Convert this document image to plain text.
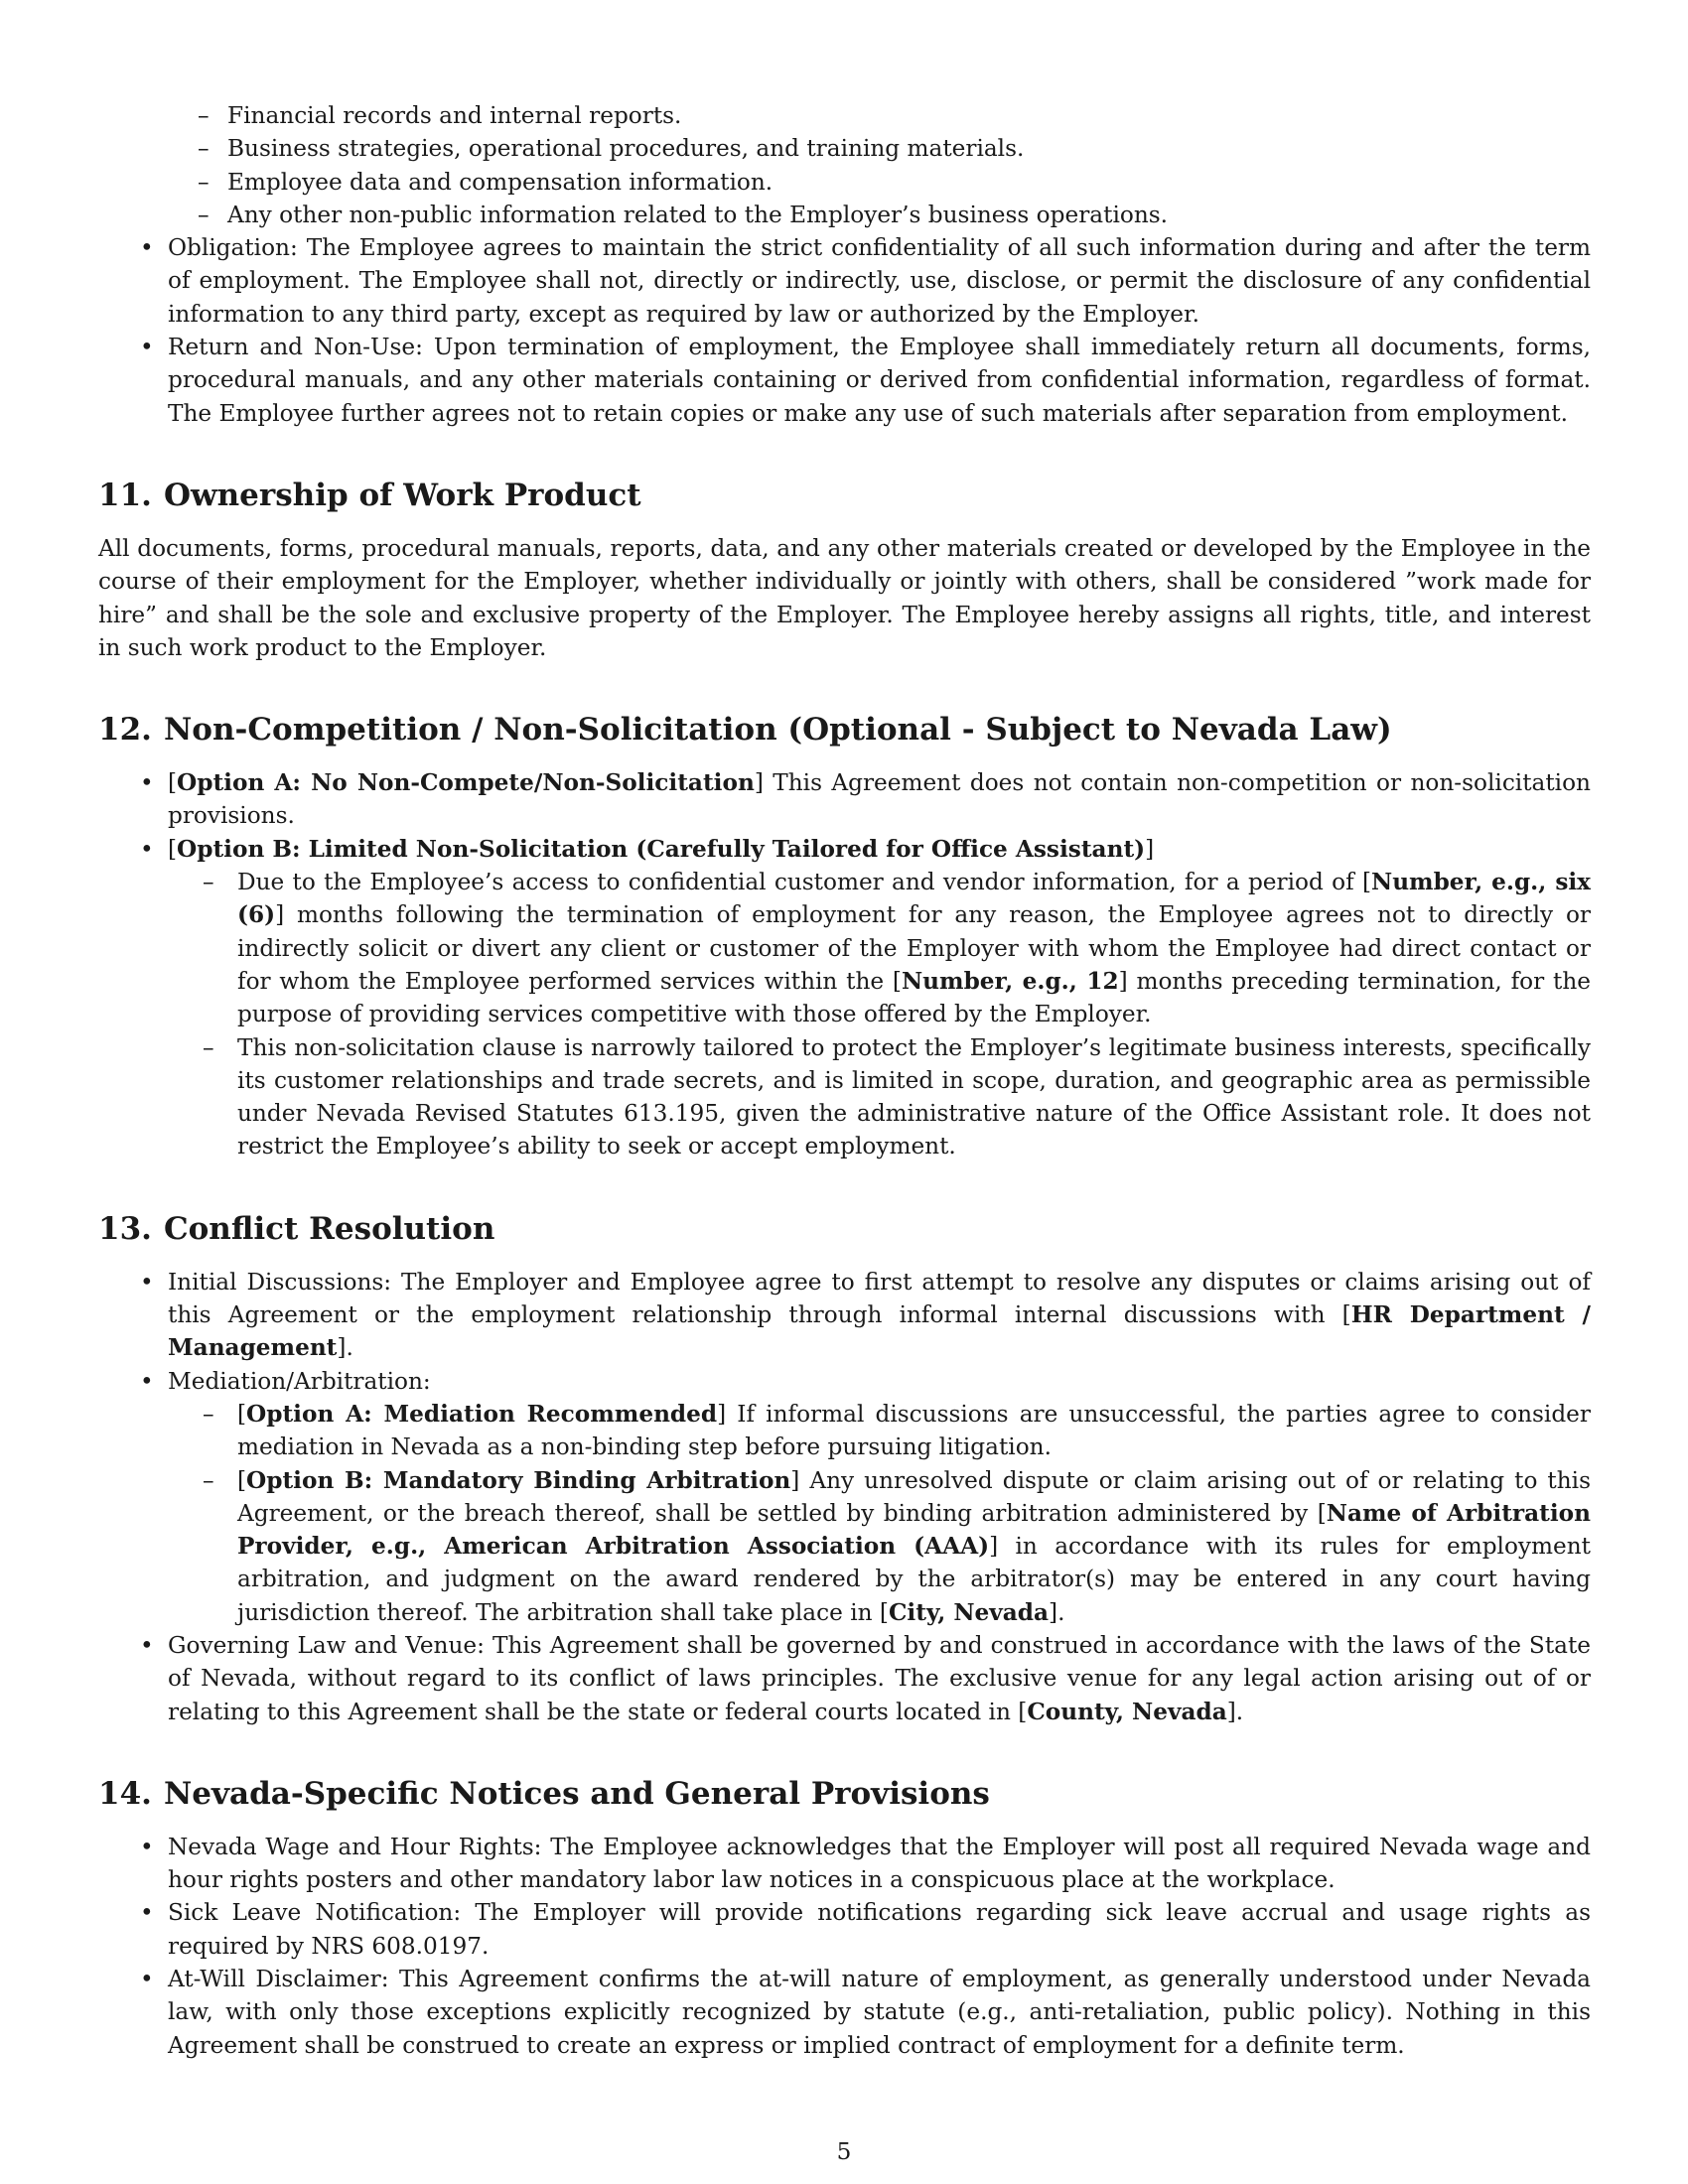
– Financial records and internal reports.
– Business strategies, operational procedures, and training materials.
– Employee data and compensation information.
– Any other non-public information related to the Employer’s business operations.
• Obligation: The Employee agrees to maintain the strict confidentiality of all such information during and after the term of employment. The Employee shall not, directly or indirectly, use, disclose, or permit the disclosure of any confidential information to any third party, except as required by law or authorized by the Employer.
• Return and Non-Use: Upon termination of employment, the Employee shall immediately return all documents, forms, procedural manuals, and any other materials containing or derived from confidential information, regardless of format. The Employee further agrees not to retain copies or make any use of such materials after separation from employment.
11. Ownership of Work Product

All documents, forms, procedural manuals, reports, data, and any other materials created or developed by the Employee in the course of their employment for the Employer, whether individually or jointly with others, shall be considered ”work made for hire” and shall be the sole and exclusive property of the Employer. The Employee hereby assigns all rights, title, and interest in such work product to the Employer.

12. Non-Competition / Non-Solicitation (Optional - Subject to Nevada Law)
• [Option A: No Non-Compete/Non-Solicitation] This Agreement does not contain non-competition or non-solicitation provisions.
• [Option B: Limited Non-Solicitation (Carefully Tailored for Office Assistant)]
– Due to the Employee’s access to confidential customer and vendor information, for a period of [Number, e.g., six (6)] months following the termination of employment for any reason, the Employee agrees not to directly or indirectly solicit or divert any client or customer of the Employer with whom the Employee had direct contact or for whom the Employee performed services within the [Number, e.g., 12] months preceding termination, for the purpose of providing services competitive with those offered by the Employer.
– This non-solicitation clause is narrowly tailored to protect the Employer’s legitimate business interests, specifically its customer relationships and trade secrets, and is limited in scope, duration, and geographic area as permissible under Nevada Revised Statutes 613.195, given the administrative nature of the Office Assistant role. It does not restrict the Employee’s ability to seek or accept employment.
13. Conflict Resolution
• Initial Discussions: The Employer and Employee agree to first attempt to resolve any disputes or claims arising out of this Agreement or the employment relationship through informal internal discussions with [HR Department / Management].
• Mediation/Arbitration:
– [Option A: Mediation Recommended] If informal discussions are unsuccessful, the parties agree to consider mediation in Nevada as a non-binding step before pursuing litigation.
– [Option B: Mandatory Binding Arbitration] Any unresolved dispute or claim arising out of or relating to this Agreement, or the breach thereof, shall be settled by binding arbitration administered by [Name of Arbitration Provider, e.g., American Arbitration Association (AAA)] in accordance with its rules for employment arbitration, and judgment on the award rendered by the arbitrator(s) may be entered in any court having jurisdiction thereof. The arbitration shall take place in [City, Nevada].
• Governing Law and Venue: This Agreement shall be governed by and construed in accordance with the laws of the State of Nevada, without regard to its conflict of laws principles. The exclusive venue for any legal action arising out of or relating to this Agreement shall be the state or federal courts located in [County, Nevada].
14. Nevada-Specific Notices and General Provisions
• Nevada Wage and Hour Rights: The Employee acknowledges that the Employer will post all required Nevada wage and hour rights posters and other mandatory labor law notices in a conspicuous place at the workplace.
• Sick Leave Notification: The Employer will provide notifications regarding sick leave accrual and usage rights as required by NRS 608.0197.
• At-Will Disclaimer: This Agreement confirms the at-will nature of employment, as generally understood under Nevada law, with only those exceptions explicitly recognized by statute (e.g., anti-retaliation, public policy). Nothing in this Agreement shall be construed to create an express or implied contract of employment for a definite term.
5
